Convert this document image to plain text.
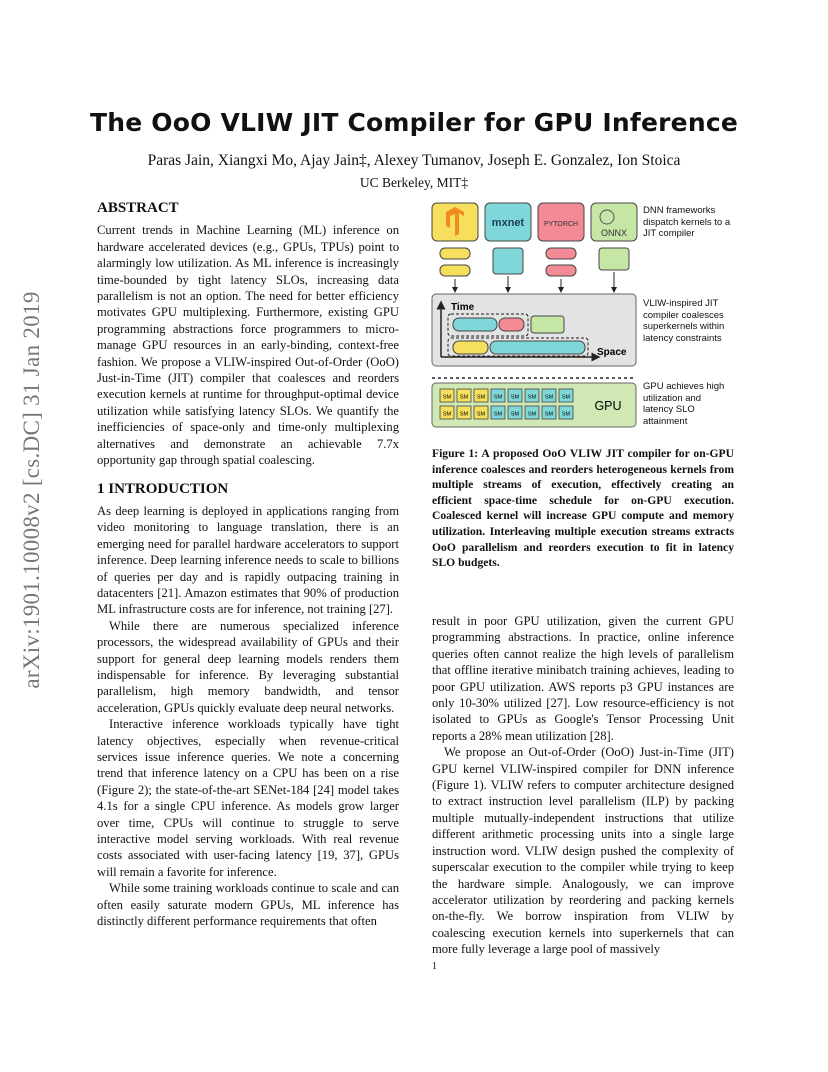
arXiv:1901.10008v2 [cs.DC] 31 Jan 2019
The OoO VLIW JIT Compiler for GPU Inference
Paras Jain, Xiangxi Mo, Ajay Jain‡, Alexey Tumanov, Joseph E. Gonzalez, Ion Stoica
UC Berkeley, MIT‡
ABSTRACT

Current trends in Machine Learning (ML) inference on hardware accelerated devices (e.g., GPUs, TPUs) point to alarmingly low utilization. As ML inference is increasingly time-bounded by tight latency SLOs, increasing data parallelism is not an option. The need for better efficiency motivates GPU multiplexing. Furthermore, existing GPU programming abstractions force programmers to micro-manage GPU resources in an early-binding, context-free fashion. We propose a VLIW-inspired Out-of-Order (OoO) Just-in-Time (JIT) compiler that coalesces and reorders execution kernels at runtime for throughput-optimal device utilization while satisfying latency SLOs. We quantify the inefficiencies of space-only and time-only multiplexing alternatives and demonstrate an achievable 7.7x opportunity gap through spatial coalescing.

1 INTRODUCTION

As deep learning is deployed in applications ranging from video monitoring to language translation, there is an emerging need for parallel hardware accelerators to support inference. Deep learning inference needs to scale to billions of queries per day and is rapidly outpacing training in datacenters [21]. Amazon estimates that 90% of production ML infrastructure costs are for inference, not training [27].

While there are numerous specialized inference processors, the widespread availability of GPUs and their support for general deep learning models renders them indispensable for inference. By leveraging substantial parallelism, high memory bandwidth, and tensor acceleration, GPUs quickly evaluate deep neural networks.

Interactive inference workloads typically have tight latency objectives, especially when revenue-critical services issue inference queries. We note a concerning trend that inference latency on a CPU has been on a rise (Figure 2); the state-of-the-art SENet-184 [24] model takes 4.1s for a single CPU inference. As models grow larger over time, CPUs will continue to struggle to serve interactive model serving workloads. With real revenue costs associated with user-facing latency [19, 37], GPUs will remain a favorite for inference.

While some training workloads continue to scale and can often easily saturate modern GPUs, ML inference has distinctly different performance requirements that often

mxnet	PYTORCH
ONNX
Time
Space
GPU
SM SM SM SM SM SM SM SM
SM SM SM SM SM SM SM SM
DNN frameworks dispatch kernels to a JIT compiler
VLIW-inspired JIT compiler coalesces superkernels within latency constraints
GPU achieves high utilization and latency SLO attainment
Figure 1: A proposed OoO VLIW JIT compiler for on-GPU inference coalesces and reorders heterogeneous kernels from multiple streams of execution, effectively creating an efficient space-time schedule for on-GPU execution. Coalesced kernel will increase GPU compute and memory utilization. Interleaving multiple execution streams extracts OoO parallelism and reorders execution to fit in latency SLO budgets.

result in poor GPU utilization, given the current GPU programming abstractions. In practice, online inference queries often cannot realize the high levels of parallelism that offline iterative minibatch training achieves, leading to poor GPU utilization. AWS reports p3 GPU instances are only 10-30% utilized [27]. Low resource-efficiency is not isolated to GPUs as Google's Tensor Processing Unit reports a 28% mean utilization [28].

We propose an Out-of-Order (OoO) Just-in-Time (JIT) GPU kernel VLIW-inspired compiler for DNN inference (Figure 1). VLIW refers to computer architecture designed to extract instruction level parallelism (ILP) by packing multiple mutually-independent instructions that utilize different arithmetic processing units into a single large instruction word. VLIW design pushed the complexity of superscalar execution to the compiler while trying to keep the hardware simple. Analogously, we can improve accelerator utilization by reordering and packing kernels on-the-fly. We borrow inspiration from VLIW by coalescing execution kernels into superkernels that can more fully leverage a large pool of massively

1
